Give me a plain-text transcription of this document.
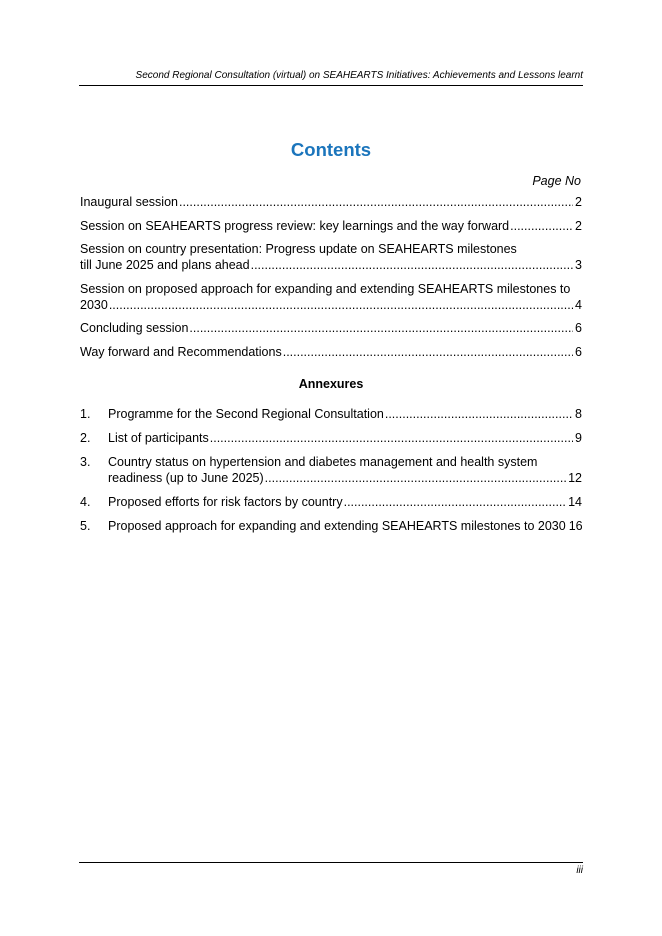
Second Regional Consultation (virtual) on SEAHEARTS Initiatives: Achievements and Lessons learnt
Contents
Page No
Inaugural session .....	2
Session on SEAHEARTS progress review: key learnings and the way forward .....	2
Session on country presentation: Progress update on SEAHEARTS milestones
till June 2025 and plans ahead .....	3
Session on proposed approach for expanding and extending SEAHEARTS milestones to
2030 .....	4
Concluding session .....	6
Way forward and Recommendations .....	6
Annexures
1.	Programme for the Second Regional Consultation .....	8
2.	List of participants .....	9
3.	Country status on hypertension and diabetes management and health system
readiness (up to June 2025) .....	12
4.	Proposed efforts for risk factors by country .....	14
5.	Proposed approach for expanding and extending SEAHEARTS milestones to 2030 16
iii
